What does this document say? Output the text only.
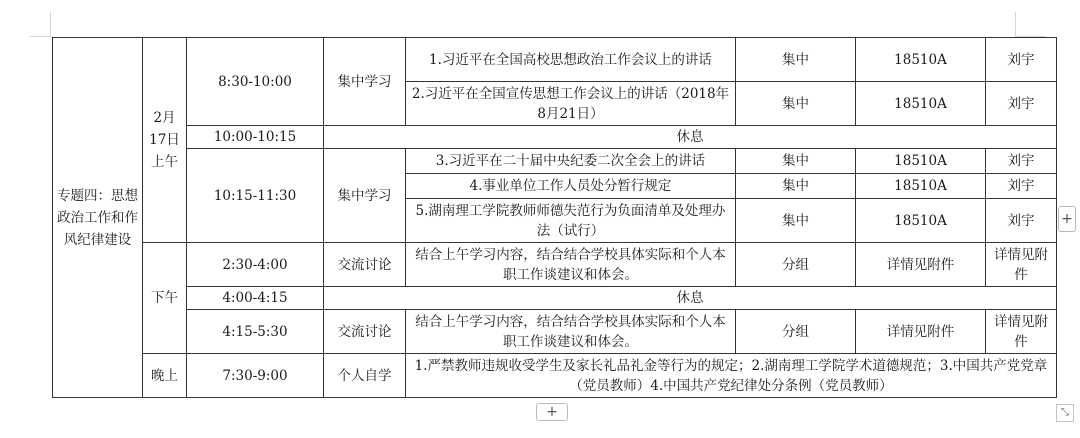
专题四：思想政治工作和作风纪律建设	2月17日上午	8:30-10:00	集中学习	1.习近平在全国高校思想政治工作会议上的讲话	集中	18510A	刘宇
				2.习近平在全国宣传思想工作会议上的讲话（2018年8月21日）	集中	18510A	刘宇
		10:00-10:15	休息				
		10:15-11:30	集中学习	3.习近平在二十届中央纪委二次全会上的讲话	集中	18510A	刘宇
				4.事业单位工作人员处分暂行规定	集中	18510A	刘宇
				5.湖南理工学院教师师德失范行为负面清单及处理办法（试行）	集中	18510A	刘宇
	下午	2:30-4:00	交流讨论	结合上午学习内容，结合结合学校具体实际和个人本职工作谈建议和体会。	分组	详情见附件	详情见附件
		4:00-4:15	休息				
		4:15-5:30	交流讨论	结合上午学习内容，结合结合学校具体实际和个人本职工作谈建议和体会。	分组	详情见附件	详情见附件
	晚上	7:30-9:00	个人自学	1.严禁教师违规收受学生及家长礼品礼金等行为的规定；2.湖南理工学院学术道德规范；3.中国共产党党章（党员教师）4.中国共产党纪律处分条例（党员教师）			
+
+	⤡
